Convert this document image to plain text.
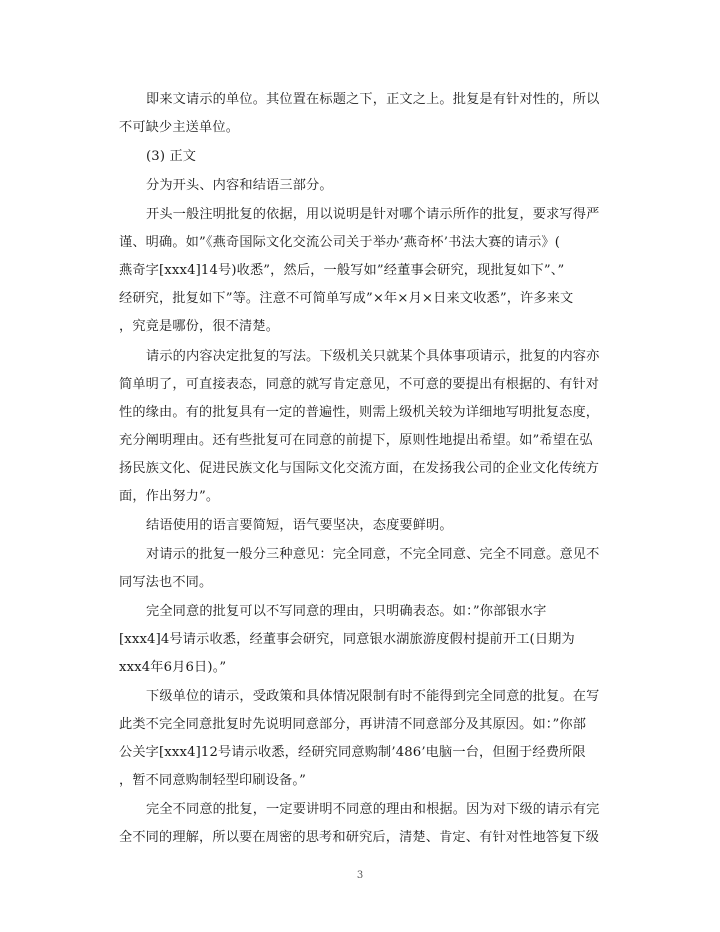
即来文请示的单位。其位置在标题之下，正文之上。批复是有针对性的，所以
不可缺少主送单位。
(3) 正文
分为开头、内容和结语三部分。
开头一般注明批复的依据，用以说明是针对哪个请示所作的批复，要求写得严
谨、明确。如”《燕奇国际文化交流公司关于举办’燕奇杯’书法大赛的请示》(
燕奇字[xxx4]14号)收悉”，然后，一般写如”经董事会研究，现批复如下”、”
经研究，批复如下”等。注意不可简单写成”×年×月×日来文收悉”，许多来文
，究竟是哪份，很不清楚。
请示的内容决定批复的写法。下级机关只就某个具体事项请示，批复的内容亦
简单明了，可直接表态，同意的就写肯定意见，不可意的要提出有根据的、有针对
性的缘由。有的批复具有一定的普遍性，则需上级机关较为详细地写明批复态度，
充分阐明理由。还有些批复可在同意的前提下，原则性地提出希望。如”希望在弘
扬民族文化、促进民族文化与国际文化交流方面，在发扬我公司的企业文化传统方
面，作出努力”。
结语使用的语言要简短，语气要坚决，态度要鲜明。
对请示的批复一般分三种意见：完全同意，不完全同意、完全不同意。意见不
同写法也不同。
完全同意的批复可以不写同意的理由，只明确表态。如：”你部银水字
[xxx4]4号请示收悉，经董事会研究，同意银水湖旅游度假村提前开工(日期为
xxx4年6月6日)。”
下级单位的请示，受政策和具体情况限制有时不能得到完全同意的批复。在写
此类不完全同意批复时先说明同意部分，再讲清不同意部分及其原因。如：”你部
公关字[xxx4]12号请示收悉，经研究同意购制’486’电脑一台，但囿于经费所限
，暂不同意购制轻型印刷设备。”
完全不同意的批复，一定要讲明不同意的理由和根据。因为对下级的请示有完
全不同的理解，所以要在周密的思考和研究后，清楚、肯定、有针对性地答复下级
3
